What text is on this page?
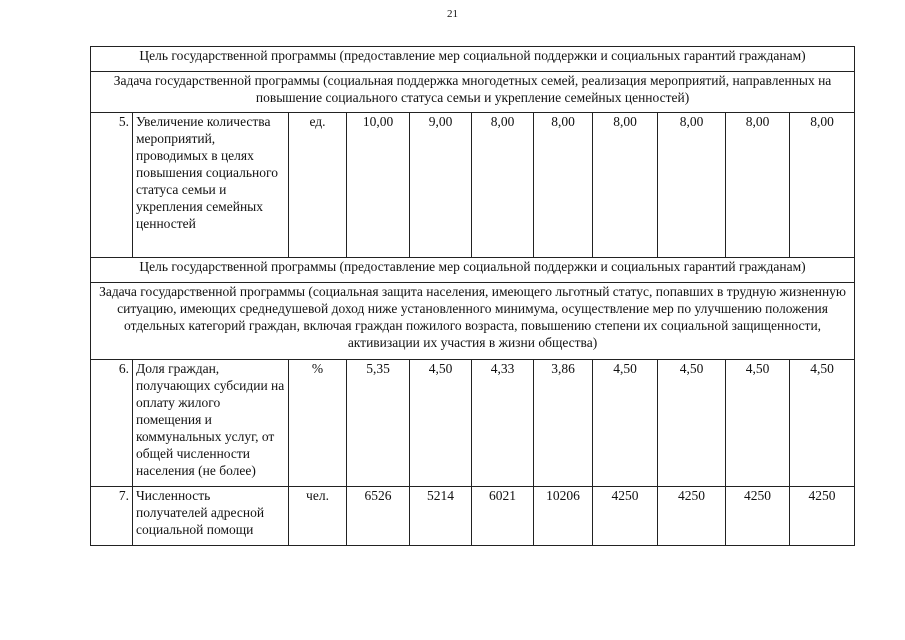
21
Цель государственной программы (предоставление мер социальной поддержки и социальных гарантий гражданам)										
Задача государственной программы (социальная поддержка многодетных семей, реализация мероприятий, направленных на повышение социального статуса семьи и укрепление семейных ценностей)										
5.	Увеличение количества мероприятий, проводимых в целях повышения социального статуса семьи и укрепления семейных ценностей	ед.	10,00	9,00	8,00	8,00	8,00	8,00	8,00	8,00
Цель государственной программы (предоставление мер социальной поддержки и социальных гарантий гражданам)										
Задача государственной программы (социальная защита населения, имеющего льготный статус, попавших в трудную жизненную ситуацию, имеющих среднедушевой доход ниже установленного минимума, осуществление мер по улучшению положения отдельных категорий граждан, включая граждан пожилого возраста, повышению степени их социальной защищенности, активизации их участия в жизни общества)										
6.	Доля граждан, получающих субсидии на оплату жилого помещения и коммунальных услуг, от общей численности населения (не более)	%	5,35	4,50	4,33	3,86	4,50	4,50	4,50	4,50
7.	Численность получателей адресной социальной помощи	чел.	6526	5214	6021	10206	4250	4250	4250	4250
